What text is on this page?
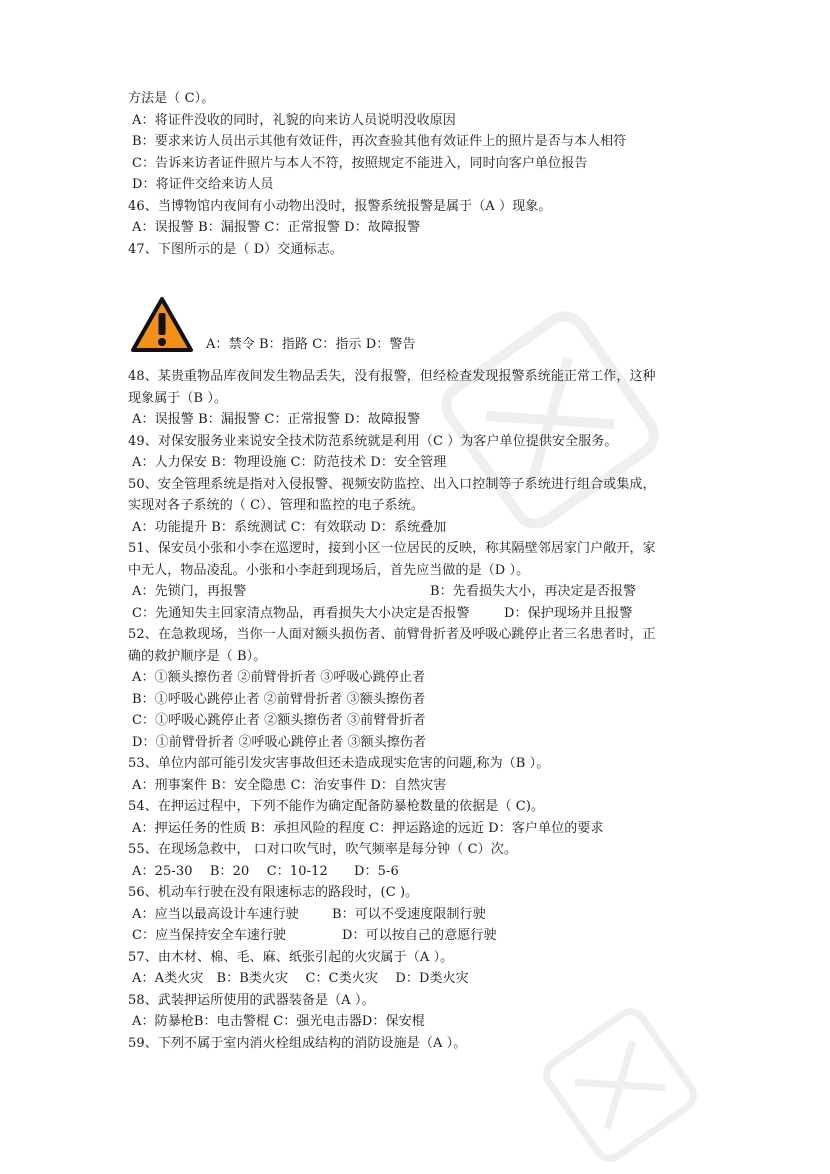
方法是（ C）。
A：将证件没收的同时，礼貌的向来访人员说明没收原因
B：要求来访人员出示其他有效证件，再次查验其他有效证件上的照片是否与本人相符
C：告诉来访者证件照片与本人不符，按照规定不能进入，同时向客户单位报告
D：将证件交给来访人员
46、当博物馆内夜间有小动物出没时，报警系统报警是属于（A ）现象。
A：误报警 B：漏报警 C：正常报警 D：故障报警
47、下图所示的是（ D）交通标志。
A：禁令 B：指路 C：指示 D：警告
48、某贵重物品库夜间发生物品丢失，没有报警，但经检查发现报警系统能正常工作，这种
现象属于（B ）。
A：误报警 B：漏报警 C：正常报警 D：故障报警
49、对保安服务业来说安全技术防范系统就是利用（C ）为客户单位提供安全服务。
A：人力保安 B：物理设施 C：防范技术 D：安全管理
50、安全管理系统是指对入侵报警、视频安防监控、出入口控制等子系统进行组合或集成，
实现对各子系统的（ C）、管理和监控的电子系统。
A：功能提升 B：系统测试 C：有效联动 D：系统叠加
51、保安员小张和小李在巡逻时，接到小区一位居民的反映，称其隔壁邻居家门户敞开，家
中无人，物品凌乱。小张和小李赶到现场后，首先应当做的是（D ）。
A：先锁门，再报警	B：先看损失大小，再决定是否报警
C：先通知失主回家清点物品，再看损失大小决定是否报警	D：保护现场并且报警
52、在急救现场，当你一人面对额头损伤者、前臂骨折者及呼吸心跳停止者三名患者时，正
确的救护顺序是（ B）。
A：①额头擦伤者 ②前臂骨折者 ③呼吸心跳停止者
B：①呼吸心跳停止者 ②前臂骨折者 ③额头擦伤者
C：①呼吸心跳停止者 ②额头擦伤者 ③前臂骨折者
D：①前臂骨折者 ②呼吸心跳停止者 ③额头擦伤者
53、单位内部可能引发灾害事故但还未造成现实危害的问题,称为（B ）。
A：刑事案件 B：安全隐患 C：治安事件 D：自然灾害
54、在押运过程中，下列不能作为确定配备防暴枪数量的依据是（ C)。
A：押运任务的性质 B：承担风险的程度 C：押运路途的远近 D：客户单位的要求
55、在现场急救中， 口对口吹气时，吹气频率是每分钟（ C）次。
A：25-30　 B：20　 C：10-12　　D：5-6
56、机动车行驶在没有限速标志的路段时，(C )。
A：应当以最高设计车速行驶	B：可以不受速度限制行驶
C：应当保持安全车速行驶	D：可以按自己的意愿行驶
57、由木材、棉、毛、麻、纸张引起的火灾属于（A ）。
A：A类火灾　B：B类火灾　 C：C类火灾　 D：D类火灾
58、武装押运所使用的武器装备是（A ）。
A：防暴枪B：电击警棍 C：强光电击器D：保安棍
59、下列不属于室内消火栓组成结构的消防设施是（A ）。
